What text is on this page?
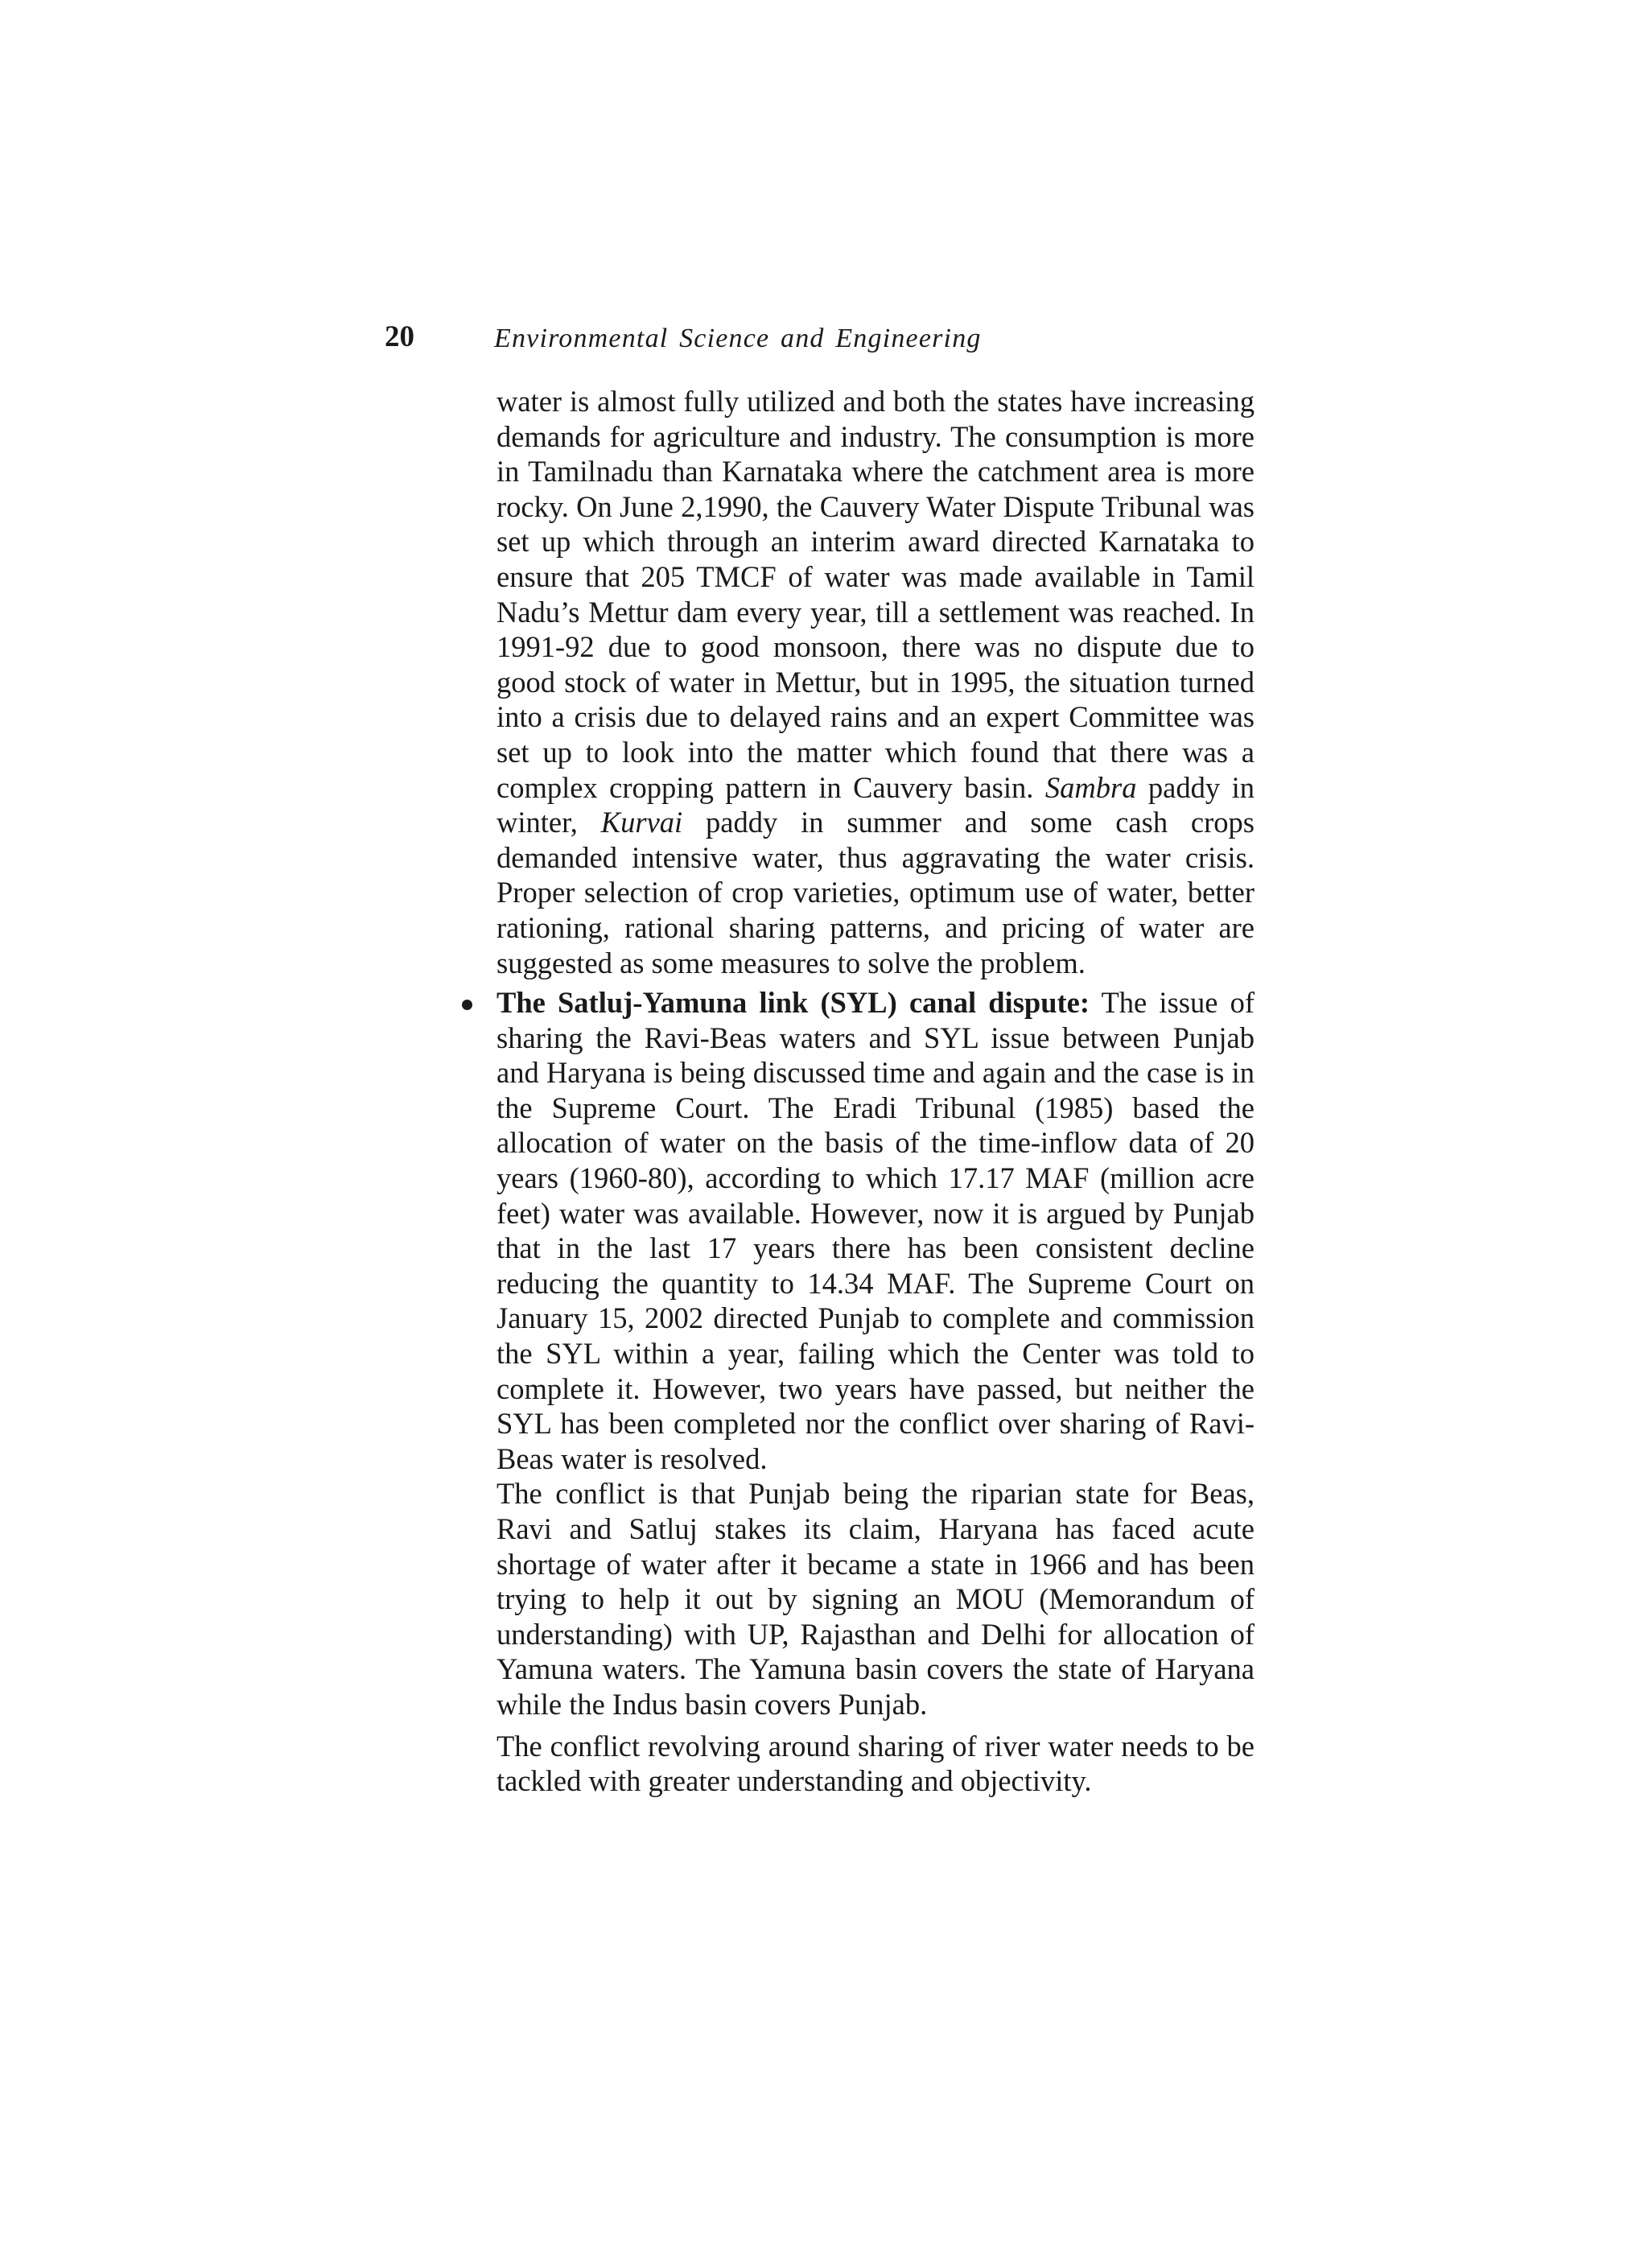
20	Environmental Science and Engineering

water is almost fully utilized and both the states have increasing demands for agriculture and industry. The consumption is more in Tamilnadu than Karnataka where the catchment area is more rocky. On June 2,1990, the Cauvery Water Dispute Tribunal was set up which through an interim award directed Karnataka to ensure that 205 TMCF of water was made available in Tamil Nadu’s Mettur dam every year, till a settlement was reached. In 1991-92 due to good monsoon, there was no dispute due to good stock of water in Mettur, but in 1995, the situation turned into a crisis due to delayed rains and an expert Committee was set up to look into the matter which found that there was a complex cropping pattern in Cauvery basin. Sambra paddy in winter, Kurvai paddy in summer and some cash crops demanded intensive water, thus aggravating the water crisis. Proper selection of crop varieties, optimum use of water, better rationing, rational sharing patterns, and pricing of water are suggested as some measures to solve the problem.

The Satluj-Yamuna link (SYL) canal dispute: The issue of sharing the Ravi-Beas waters and SYL issue between Punjab and Haryana is being discussed time and again and the case is in the Supreme Court. The Eradi Tribunal (1985) based the allocation of water on the basis of the time-inflow data of 20 years (1960-80), according to which 17.17 MAF (million acre feet) water was available. However, now it is argued by Punjab that in the last 17 years there has been consistent decline reducing the quantity to 14.34 MAF. The Supreme Court on January 15, 2002 directed Punjab to complete and commission the SYL within a year, failing which the Center was told to complete it. However, two years have passed, but neither the SYL has been completed nor the conflict over sharing of Ravi-Beas water is resolved.

The conflict is that Punjab being the riparian state for Beas, Ravi and Satluj stakes its claim, Haryana has faced acute shortage of water after it became a state in 1966 and has been trying to help it out by signing an MOU (Memorandum of understanding) with UP, Rajasthan and Delhi for allocation of Yamuna waters. The Yamuna basin covers the state of Haryana while the Indus basin covers Punjab.

The conflict revolving around sharing of river water needs to be tackled with greater understanding and objectivity.
